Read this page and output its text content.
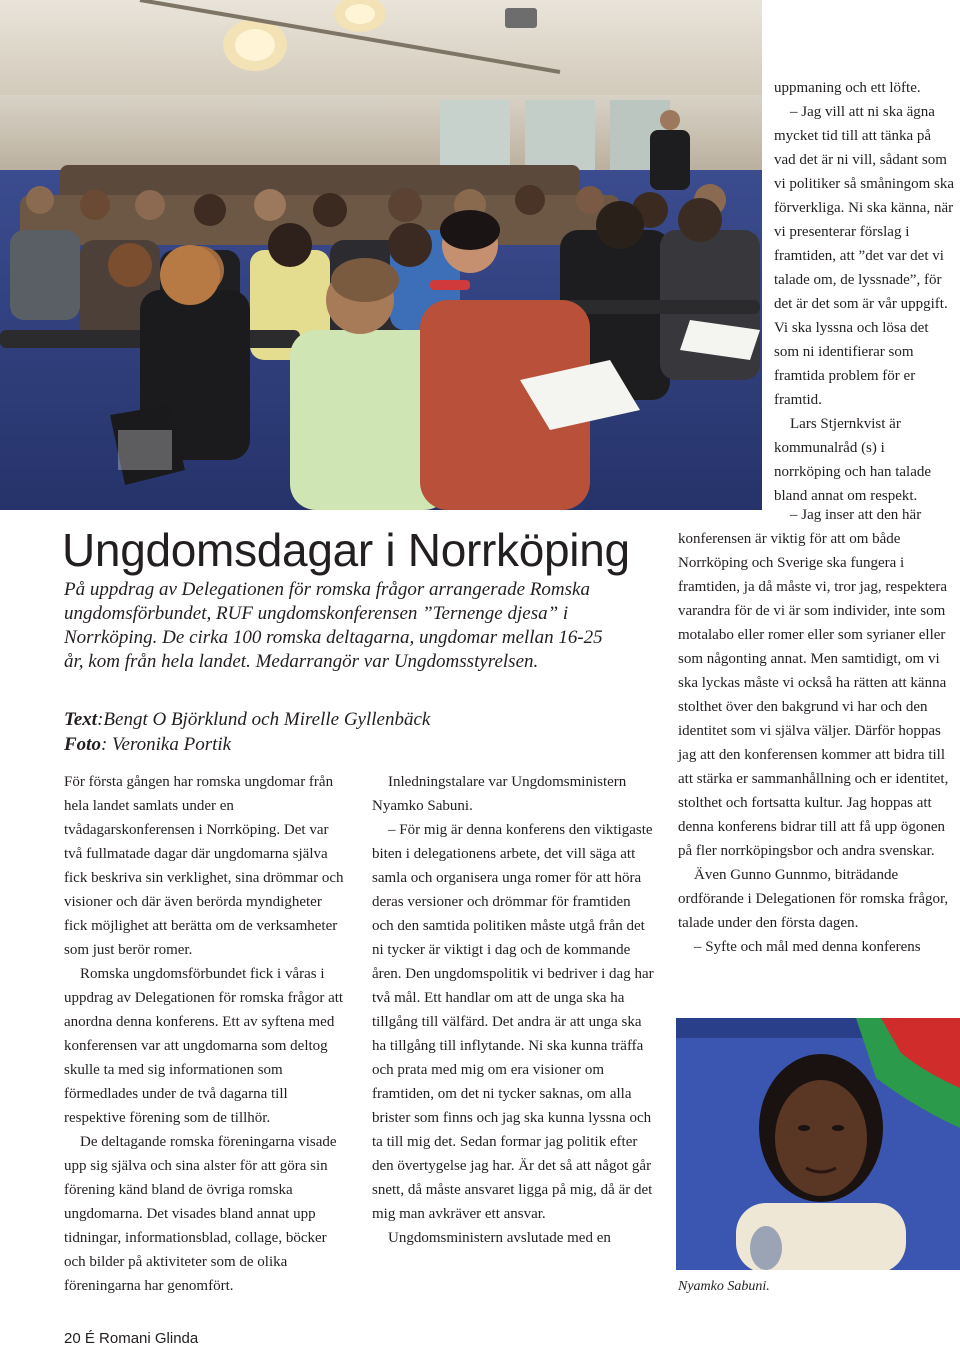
uppmaning och ett löfte.

– Jag vill att ni ska ägna mycket tid till att tänka på vad det är ni vill, sådant som vi politiker så småningom ska förverkliga. Ni ska känna, när vi presenterar förslag i framtiden, att ”det var det vi talade om, de lyssnade”, för det är det som är vår uppgift. Vi ska lyssna och lösa det som ni identifierar som framtida problem för er framtid.

Lars Stjernkvist är kommunalråd (s) i norrköping och han talade bland annat om respekt.

– Jag inser att den här konferensen är viktig för att om både Norrköping och Sverige ska fungera i framtiden, ja då måste vi, tror jag, respektera varandra för de vi är som individer, inte som motalabo eller romer eller som syrianer eller som någonting annat. Men samtidigt, om vi ska lyckas måste vi också ha rätten att känna stolthet över den bakgrund vi har och den identitet som vi själva väljer. Därför hoppas jag att den konferensen kommer att bidra till att stärka er sammanhållning och er identitet, stolthet och fortsatta kultur. Jag hoppas att denna konferens bidrar till att få upp ögonen på fler norrköpingsbor och andra svenskar.

Även Gunno Gunnmo, biträdande ordförande i Delegationen för romska frågor, talade under den första dagen.

– Syfte och mål med denna konferens

Ungdomsdagar i Norrköping

På uppdrag av Delegationen för romska frågor arrangerade Romska ungdomsförbundet, RUF ungdomskonferensen ”Ternenge djesa” i Norrköping. De cirka 100 romska deltagarna, ungdomar mellan 16-25 år, kom från hela landet. Medarrangör var Ungdomsstyrelsen.

Text:Bengt O Björklund och Mirelle Gyllenbäck

Foto: Veronika Portik

För första gången har romska ungdomar från hela landet samlats under en tvådagarskonferensen i Norrköping. Det var två fullmatade dagar där ungdomarna själva fick beskriva sin verklighet, sina drömmar och visioner och där även berörda myndigheter fick möjlighet att berätta om de verksamheter som just berör romer.

Romska ungdomsförbundet fick i våras i uppdrag av Delegationen för romska frågor att anordna denna konferens. Ett av syftena med konferensen var att ungdomarna som deltog skulle ta med sig informationen som förmedlades under de två dagarna till respektive förening som de tillhör.

De deltagande romska föreningarna visade upp sig själva och sina alster för att göra sin förening känd bland de övriga romska ungdomarna. Det visades bland annat upp tidningar, informationsblad, collage, böcker och bilder på aktiviteter som de olika föreningarna har genomfört.

Inledningstalare var Ungdomsministern Nyamko Sabuni.

– För mig är denna konferens den viktigaste biten i delegationens arbete, det vill säga att samla och organisera unga romer för att höra deras versioner och drömmar för framtiden och den samtida politiken måste utgå från det ni tycker är viktigt i dag och de kommande åren. Den ungdomspolitik vi bedriver i dag har två mål. Ett handlar om att de unga ska ha tillgång till välfärd. Det andra är att unga ska ha tillgång till inflytande. Ni ska kunna träffa och prata med mig om era visioner om framtiden, om det ni tycker saknas, om alla brister som finns och jag ska kunna lyssna och ta till mig det. Sedan formar jag politik efter den övertygelse jag har. Är det så att något går snett, då måste ansvaret ligga på mig, då är det mig man avkräver ett ansvar.

Ungdomsministern avslutade med en

Nyamko Sabuni.

20 É Romani Glinda
